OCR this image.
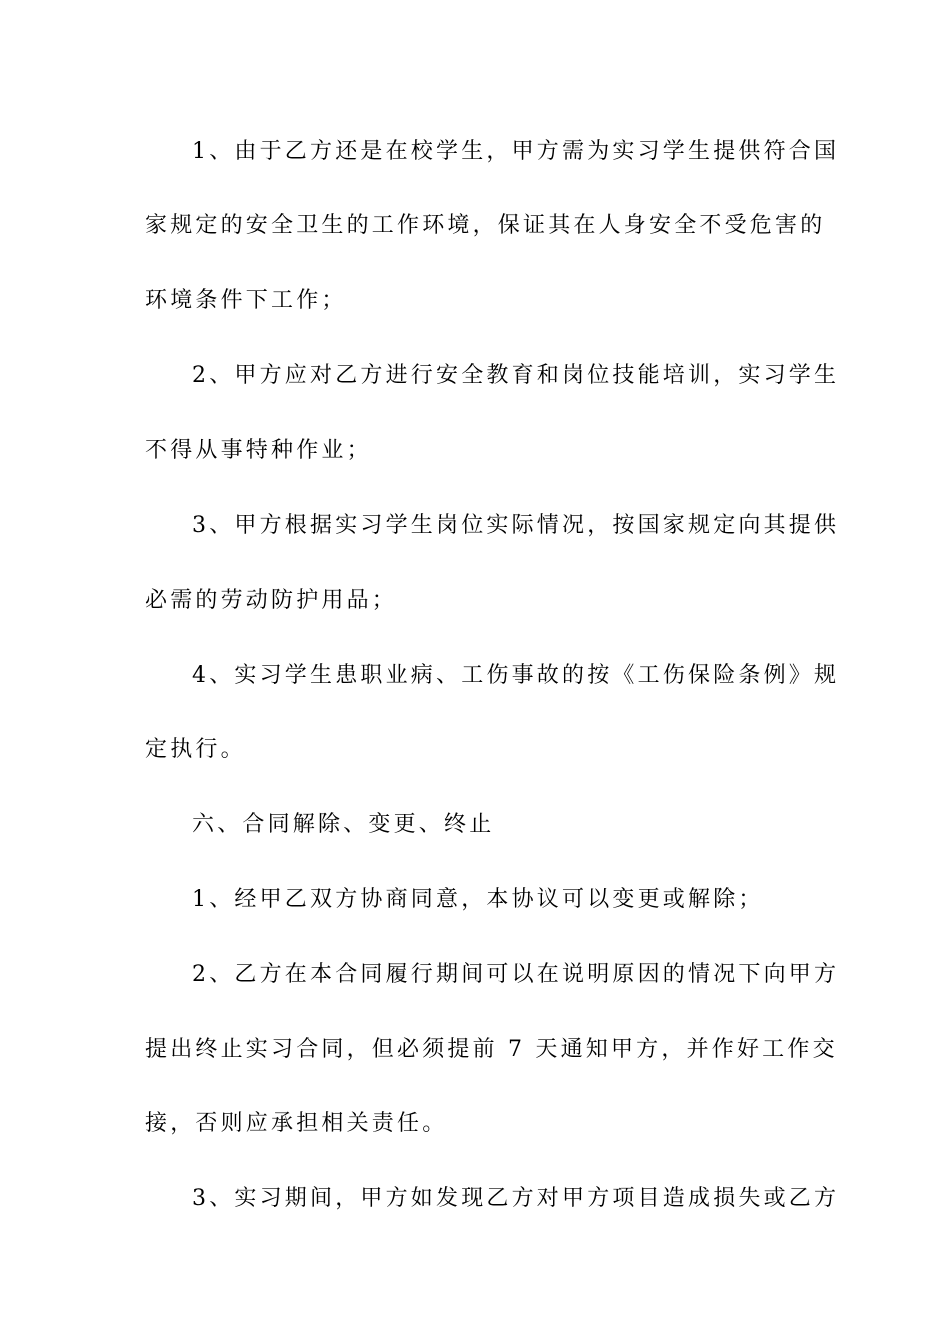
1、由于乙方还是在校学生，甲方需为实习学生提供符合国
家规定的安全卫生的工作环境，保证其在人身安全不受危害的
环境条件下工作；
2、甲方应对乙方进行安全教育和岗位技能培训，实习学生
不得从事特种作业；
3、甲方根据实习学生岗位实际情况，按国家规定向其提供
必需的劳动防护用品；
4、实习学生患职业病、工伤事故的按《工伤保险条例》规
定执行。
六、合同解除、变更、终止
1、经甲乙双方协商同意，本协议可以变更或解除；
2、乙方在本合同履行期间可以在说明原因的情况下向甲方
提出终止实习合同，但必须提前 7 天通知甲方，并作好工作交
接，否则应承担相关责任。
3、实习期间，甲方如发现乙方对甲方项目造成损失或乙方
